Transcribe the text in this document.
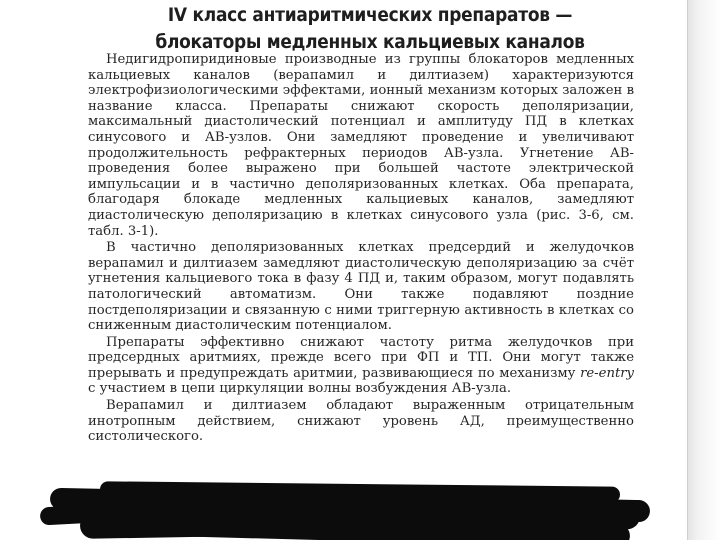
IV класс антиаритмических препаратов —
блокаторы медленных кальциевых каналов

Недигидропиридиновые производные из группы блокаторов медленных кальциевых каналов (верапамил и дилтиазем) характеризуются электрофизиологическими эффектами, ионный механизм которых заложен в название класса. Препараты снижают скорость деполяризации, максимальный диастолический потенциал и амплитуду ПД в клетках синусового и АВ-узлов. Они замедляют проведение и увеличивают продолжительность рефрактерных периодов АВ-узла. Угнетение АВ-проведения более выражено при большей частоте электрической импульсации и в частично деполяризованных клетках. Оба препарата, благодаря блокаде медленных кальциевых каналов, замедляют диастолическую деполяризацию в клетках синусового узла (рис. 3-6, см. табл. 3-1).

В частично деполяризованных клетках предсердий и желудочков верапамил и дилтиазем замедляют диастолическую деполяризацию за счёт угнетения кальциевого тока в фазу 4 ПД и, таким образом, могут подавлять патологический автоматизм. Они также подавляют поздние постдеполяризации и связанную с ними триггерную активность в клетках со сниженным диастолическим потенциалом.

Препараты эффективно снижают частоту ритма желудочков при предсердных аритмиях, прежде всего при ФП и ТП. Они могут также прерывать и предупреждать аритмии, развивающиеся по механизму re-entry с участием в цепи циркуляции волны возбуждения АВ-узла.

Верапамил и дилтиазем обладают выраженным отрицательным инотропным действием, снижают уровень АД, преимущественно систолического.
